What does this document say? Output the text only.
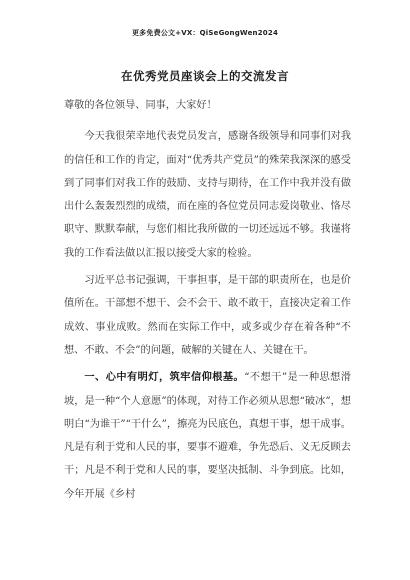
更多免费公文+VX：QiSeGongWen2024
在优秀党员座谈会上的交流发言

尊敬的各位领导、同事，大家好！

今天我很荣幸地代表党员发言，感谢各级领导和同事们对我的信任和工作的肯定，面对“优秀共产党员”的殊荣我深深的感受到了同事们对我工作的鼓励、支持与期待，在工作中我并没有做出什么轰轰烈烈的成绩，而在座的各位党员同志爱岗敬业、恪尽职守、默默奉献，与您们相比我所做的一切还远远不够。我谨将我的工作看法做以汇报以接受大家的检验。

习近平总书记强调，干事担事，是干部的职责所在，也是价值所在。干部想不想干、会不会干、敢不敢干，直接决定着工作成效、事业成败。然而在实际工作中，或多或少存在着各种“不想、不敢、不会”的问题，破解的关键在人、关键在干。

一、心中有明灯，筑牢信仰根基。“不想干”是一种思想滑坡，是一种“个人意愿”的体现，对待工作必须从思想“破冰”，想明白“为谁干”“干什么”，擦亮为民底色，真想干事，想干成事。凡是有利于党和人民的事，要事不避难，争先恐后、义无反顾去干；凡是不利于党和人民的事，要坚决抵制、斗争到底。比如，今年开展《乡村
